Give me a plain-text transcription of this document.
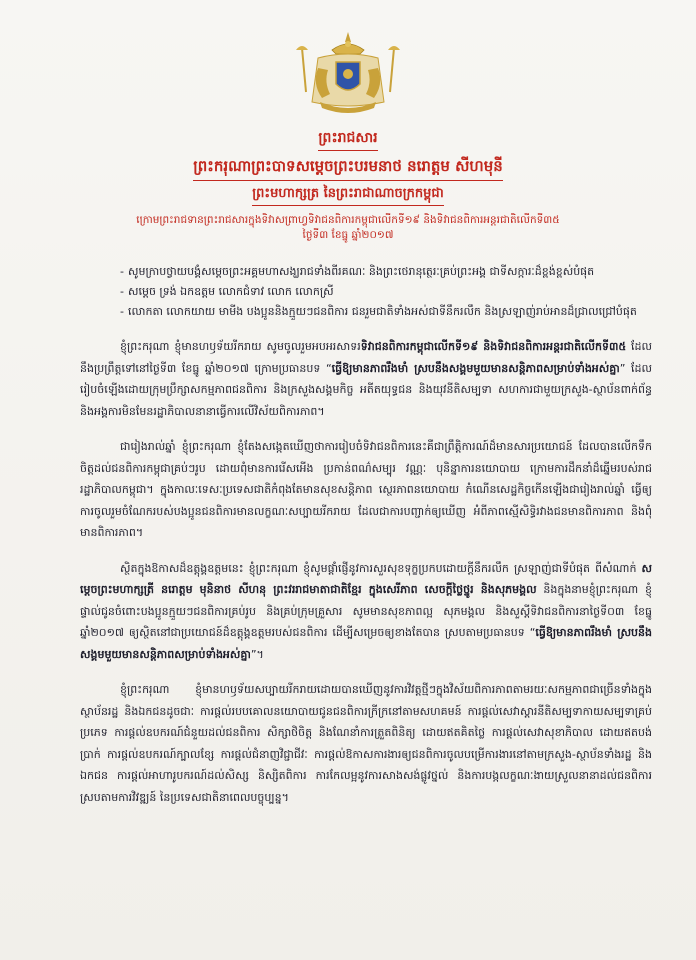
ព្រះរាជសារ

ព្រះករុណាព្រះបាទសម្តេចព្រះបរមនាថ នរោត្តម សីហមុនី

ព្រះមហាក្សត្រ នៃព្រះរាជាណាចក្រកម្ពុជា

ក្រោមព្រះរាជទានព្រះរាជសារក្នុងទិវាសព្រាហ្វទិវាជនពិការកម្ពុជាលើកទី១៩ និងទិវាជនពិការអន្តរជាតិលើកទី៣៥

ថ្ងៃទី៣ ខែធ្នូ ឆ្នាំ២០១៧

- សូមក្រាបថ្វាយបង្គំសម្តេចព្រះអគ្គមហាសង្ឃរាជទាំងពីរគណៈ និងព្រះថេរានុត្ថេរៈគ្រប់ព្រះអង្គ ជាទីសក្ការៈដ៏ខ្ពង់ខ្ពស់បំផុត
- សម្តេច ទ្រង់ ឯកឧត្តម លោកជំទាវ លោក លោកស្រី
- លោកតា លោកយាយ មាមីង បងប្អូននិងក្មួយៗជនពិការ ជនរួមជាតិទាំងអស់ជាទីនឹករលឹក និងស្រឡាញ់រាប់អានដ៏ជ្រាលជ្រៅបំផុត

ខ្ញុំព្រះករុណា ខ្ញុំមានហឫទ័យរីករាយ សូមចូលរួមអបអរសាទរទិវាជនពិការកម្ពុជាលើកទី១៩ និងទិវាជនពិការអន្តរជាតិលើកទី៣៥ ដែលនឹងប្រព្រឹត្តទៅនៅថ្ងៃទី៣ ខែធ្នូ ឆ្នាំ២០១៧ ក្រោមប្រធានបទ “ធ្វើឱ្យមានភាពរឹងមាំ ស្របនឹងសង្គមមួយមានសន្តិភាពសម្រាប់ទាំងអស់គ្នា” ដែលរៀបចំឡើងដោយក្រុមប្រឹក្សាសកម្មភាពជនពិការ និងក្រសួងសង្គមកិច្ច អតីតយុទ្ធជន និងយុវនីតិសម្បទា សហការជាមួយក្រសួង-ស្ថាប័នពាក់ព័ន្ធ និងអង្គការមិនមែនរដ្ឋាភិបាលនានាធ្វើការលើវិស័យពិការភាព។

ជារៀងរាល់ឆ្នាំ ខ្ញុំព្រះករុណា ខ្ញុំតែងសង្កេតឃើញថាការរៀបចំទិវាជនពិការនេះគឺជាព្រឹត្តិការណ៍ដ៏មានសារប្រយោជន៍ ដែលបានលើកទឹកចិត្តដល់ជនពិការកម្ពុជាគ្រប់ៗរូប ដោយពុំមានការរើសអើង ប្រកាន់ពណ៌សម្បុរ វណ្ណៈ បុនិន្នាការនយោបាយ ក្រោមការដឹកនាំដ៏ឆ្នើមរបស់រាជរដ្ឋាភិបាលកម្ពុជា។ ក្នុងកាលៈទេសៈប្រទេសជាតិកំពុងតែមានសុខសន្តិភាព ស្ថេរភាពនយោបាយ កំណើនសេដ្ឋកិច្ចកើនឡើងជារៀងរាល់ឆ្នាំ ធ្វើឲ្យការចូលរួមចំណែករបស់បងប្អូនជនពិការមានលក្ខណៈសប្បាយរីករាយ ដែលជាការបញ្ជាក់ឲ្យឃើញ អំពីភាពស្មើសិទ្ធិរវាងជនមានពិការភាព និងពុំមានពិការភាព។

ស្ថិតក្នុងឱកាសដ៏ឧត្តុង្គឧត្តមនេះ ខ្ញុំព្រះករុណា ខ្ញុំសូមផ្តាំផ្ញើនូវការសួរសុខទុក្ខប្រកបដោយក្តីនឹករលឹក ស្រឡាញ់ជាទីបំផុត ពីសំណាក់ សម្តេចព្រះមហាក្សត្រី នរោត្តម មុនិនាថ សីហនុ ព្រះវររាជមាតាជាតិខ្មែរ ក្នុងសេរីភាព សេចក្តីថ្លៃថ្នូរ និងសុភមង្គល និងក្នុងនាមខ្ញុំព្រះករុណា ខ្ញុំផ្ទាល់ជូនចំពោះបងប្អូនក្មួយៗជនពិការគ្រប់រូប និងគ្រប់ក្រុមគ្រួសារ សូមមានសុខភាពល្អ សុភមង្គល និងសួស្តីទិវាជនពិការនាថ្ងៃទី០៣ ខែធ្នូ ឆ្នាំ២០១៧ ឲ្យស្ថិតនៅជាប្រយោជន៍ដ៏ឧត្តុង្គឧត្តមរបស់ជនពិការ ដើម្បីសម្រេចឲ្យខាងតែបាន ស្របតាមប្រធានបទ “ធ្វើឱ្យមានភាពរឹងមាំ ស្របនឹងសង្គមមួយមានសន្តិភាពសម្រាប់ទាំងអស់គ្នា”។

ខ្ញុំព្រះករុណា ខ្ញុំមានហឫទ័យសប្បាយរីករាយដោយបានឃើញនូវការវិវត្តថ្មីៗក្នុងវិស័យពិការភាពតាមរយៈសកម្មភាពជាច្រើនទាំងក្នុងស្ថាប័នរដ្ឋ និងឯកជនដូចជាៈ ការផ្តល់របបគោលនយោបាយជូនជនពិការក្រីក្រនៅតាមសហគមន៍ ការផ្តល់សេវាស្តារនីតិសម្បទាកាយសម្បទាគ្រប់ប្រភេទ ការផ្តល់ឧបករណ៍ជំនួយដល់ជនពិការ សិក្សាថិចិត្ត និងណែនាំការត្រួតពិនិត្យ ដោយឥតគិតថ្លៃ ការផ្តល់សេវាសុខាភិបាល ដោយឥតបង់ប្រាក់ ការផ្តល់ឧបករណ៍ក្បាលខ្សែ ការផ្តល់ជំនាញវិជ្ជាជីវៈ ការផ្តល់ឱកាសការងារឲ្យជនពិការចូលបម្រើការងារនៅតាមក្រសួង-ស្ថាប័នទាំងរដ្ឋ និងឯកជន ការផ្តល់អាហារូបករណ៍ដល់សិស្ស និស្សិតពិការ ការកែលម្អនូវការសាងសង់ផ្លូវថ្នល់ និងការបង្កលក្ខណៈងាយស្រួលនានាដល់ជនពិការ ស្របតាមការវិវឌ្ឍន៍ នៃប្រទេសជាតិនាពេលបច្ចុប្បន្ន។
